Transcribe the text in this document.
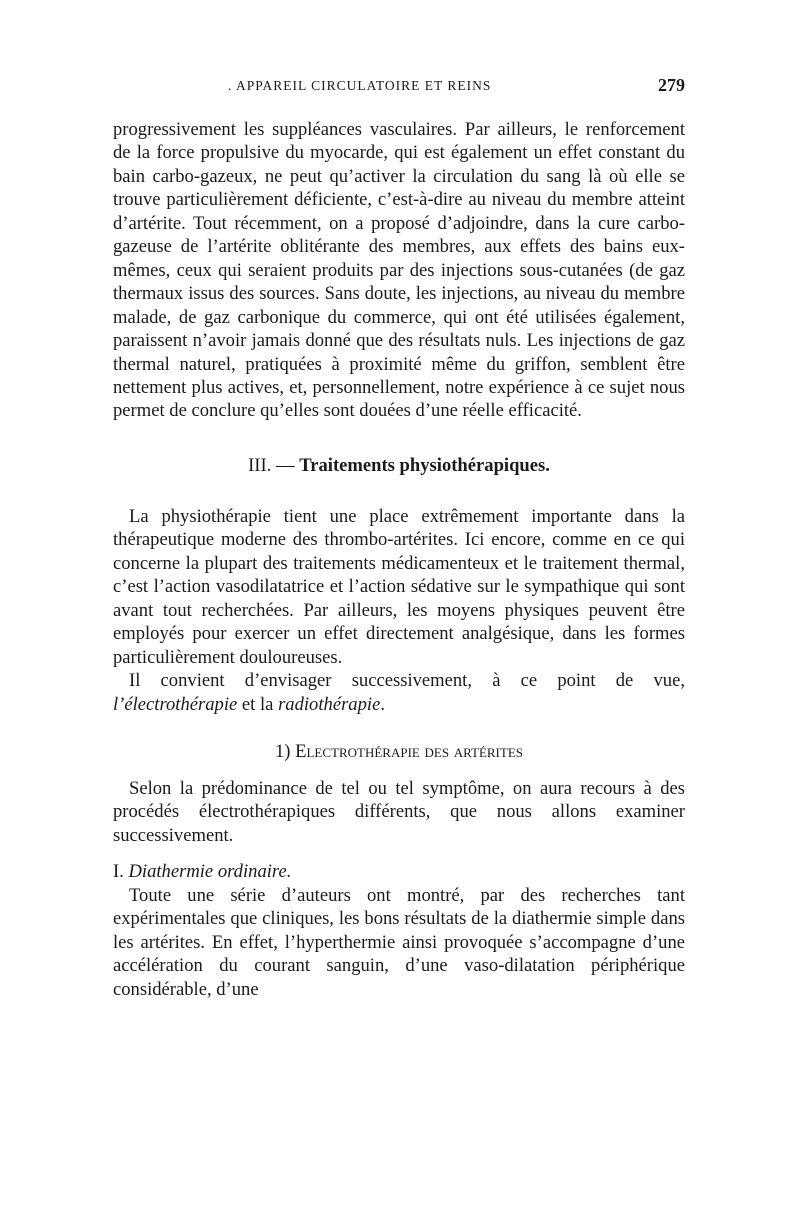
. APPAREIL CIRCULATOIRE ET REINS	279

progressivement les suppléances vasculaires. Par ailleurs, le renforcement de la force propulsive du myocarde, qui est également un effet constant du bain carbo-gazeux, ne peut qu’activer la circulation du sang là où elle se trouve particulièrement déficiente, c’est-à-dire au niveau du membre atteint d’artérite. Tout récemment, on a proposé d’adjoindre, dans la cure carbo-gazeuse de l’artérite oblitérante des membres, aux effets des bains eux-mêmes, ceux qui seraient produits par des injections sous-cutanées (de gaz thermaux issus des sources. Sans doute, les injections, au niveau du membre malade, de gaz carbonique du commerce, qui ont été utilisées également, paraissent n’avoir jamais donné que des résultats nuls. Les injections de gaz thermal naturel, pratiquées à proximité même du griffon, semblent être nettement plus actives, et, personnellement, notre expérience à ce sujet nous permet de conclure qu’elles sont douées d’une réelle efficacité.

III. — Traitements physiothérapiques.

La physiothérapie tient une place extrêmement importante dans la thérapeutique moderne des thrombo-artérites. Ici encore, comme en ce qui concerne la plupart des traitements médicamenteux et le traitement thermal, c’est l’action vasodilatatrice et l’action sédative sur le sympathique qui sont avant tout recherchées. Par ailleurs, les moyens physiques peuvent être employés pour exercer un effet directement analgésique, dans les formes particulièrement douloureuses.

Il convient d’envisager successivement, à ce point de vue, l’électrothérapie et la radiothérapie.

1) Electrothérapie des artérites

Selon la prédominance de tel ou tel symptôme, on aura recours à des procédés électrothérapiques différents, que nous allons examiner successivement.

I. Diathermie ordinaire.

Toute une série d’auteurs ont montré, par des recherches tant expérimentales que cliniques, les bons résultats de la diathermie simple dans les artérites. En effet, l’hyperthermie ainsi provoquée s’accompagne d’une accélération du courant sanguin, d’une vaso-dilatation périphérique considérable, d’une
